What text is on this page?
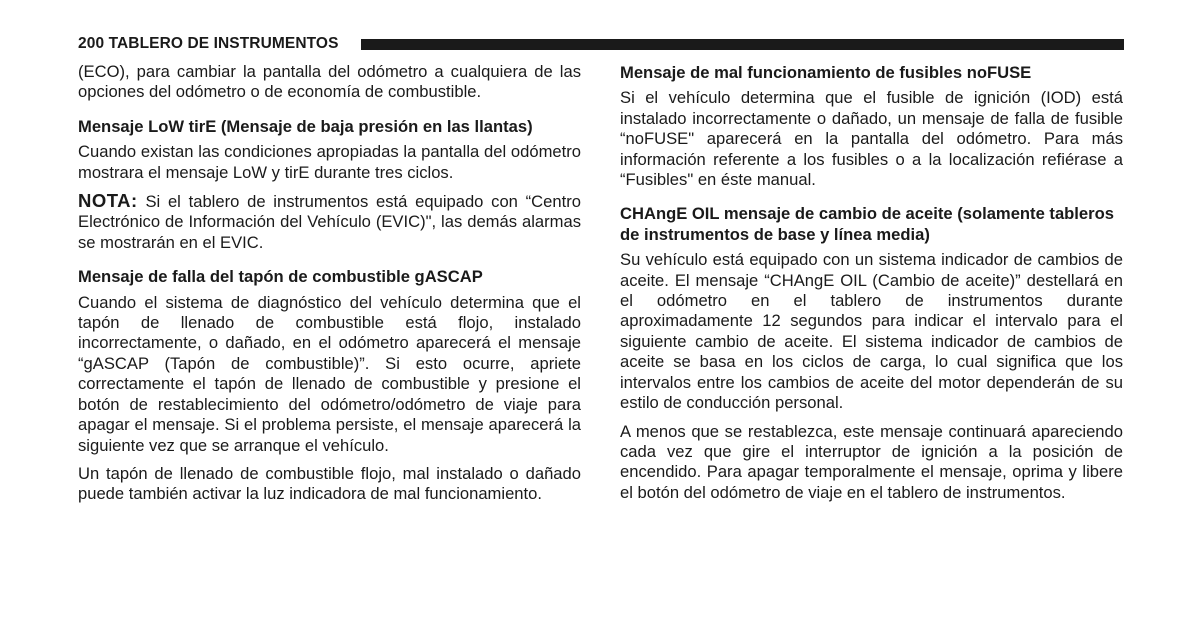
200 TABLERO DE INSTRUMENTOS

(ECO), para cambiar la pantalla del odómetro a cualquiera de las opciones del odómetro o de economía de combustible.

Mensaje LoW tirE (Mensaje de baja presión en las llantas)

Cuando existan las condiciones apropiadas la pantalla del odómetro mostrara el mensaje LoW y tirE durante tres ciclos.

NOTA: Si el tablero de instrumentos está equipado con “Centro Electrónico de Información del Vehículo (EVIC)", las demás alarmas se mostrarán en el EVIC.

Mensaje de falla del tapón de combustible gASCAP

Cuando el sistema de diagnóstico del vehículo determina que el tapón de llenado de combustible está flojo, instalado incorrectamente, o dañado, en el odómetro aparecerá el mensaje “gASCAP (Tapón de combustible)”. Si esto ocurre, apriete correctamente el tapón de llenado de combustible y presione el botón de restablecimiento del odómetro/odómetro de viaje para apagar el mensaje. Si el problema persiste, el mensaje aparecerá la siguiente vez que se arranque el vehículo.

Un tapón de llenado de combustible flojo, mal instalado o dañado puede también activar la luz indicadora de mal funcionamiento.

Mensaje de mal funcionamiento de fusibles noFUSE

Si el vehículo determina que el fusible de ignición (IOD) está instalado incorrectamente o dañado, un mensaje de falla de fusible “noFUSE" aparecerá en la pantalla del odómetro. Para más información referente a los fusibles o a la localización refiérase a “Fusibles" en éste manual.

CHAngE OIL mensaje de cambio de aceite (solamente tableros de instrumentos de base y línea media)

Su vehículo está equipado con un sistema indicador de cambios de aceite. El mensaje “CHAngE OIL (Cambio de aceite)” destellará en el odómetro en el tablero de instrumentos durante aproximadamente 12 segundos para indicar el intervalo para el siguiente cambio de aceite. El sistema indicador de cambios de aceite se basa en los ciclos de carga, lo cual significa que los intervalos entre los cambios de aceite del motor dependerán de su estilo de conducción personal.

A menos que se restablezca, este mensaje continuará apareciendo cada vez que gire el interruptor de ignición a la posición de encendido. Para apagar temporalmente el mensaje, oprima y libere el botón del odómetro de viaje en el tablero de instrumentos.
